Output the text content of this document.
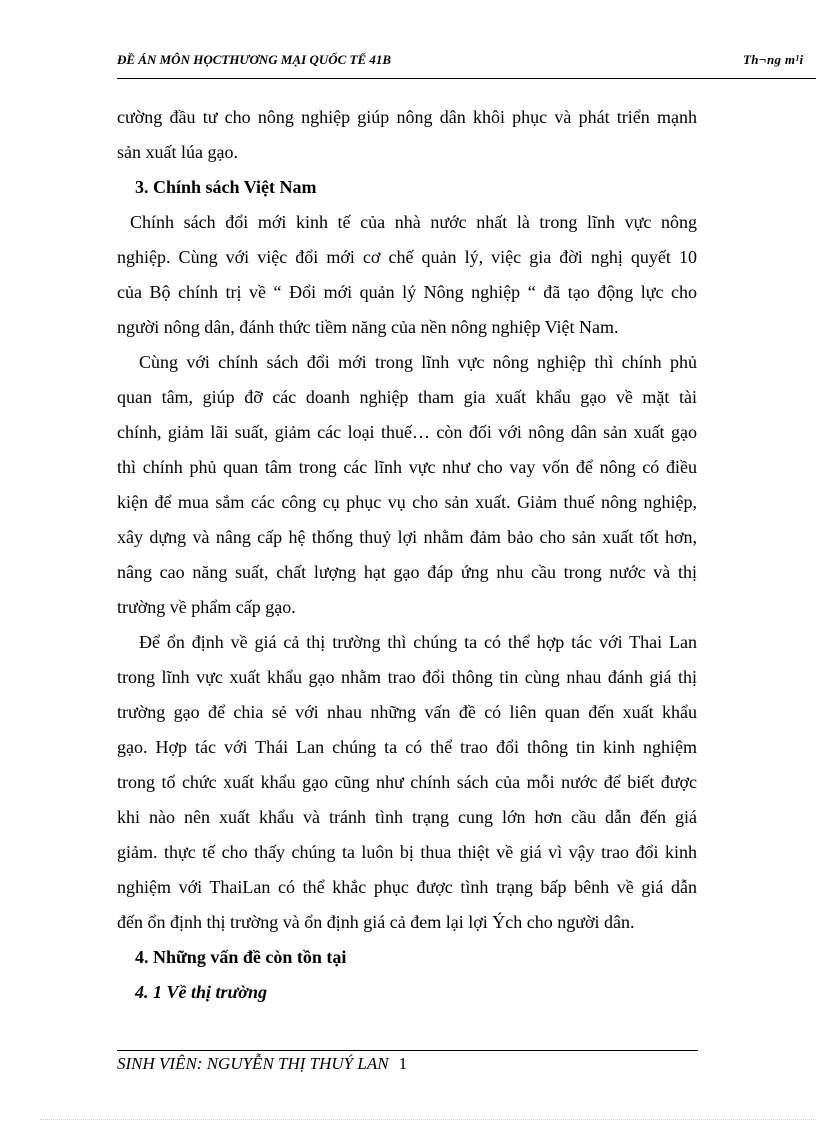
ĐỀ ÁN MÔN HỌCTHƯƠNG MẠI QUỐC TẾ 41B	Th¬ng m¹i
cường đầu tư cho nông nghiệp giúp nông dân khôi phục và phát triển mạnh
sản xuất lúa gạo.
3. Chính sách Việt Nam
Chính sách đổi mới kinh tế của nhà nước nhất là trong lĩnh vực nông
nghiệp. Cùng với việc đổi mới cơ chế quản lý, việc gia đời nghị quyết 10
của Bộ chính trị về “ Đổi mới quản lý Nông nghiệp “ đã tạo động lực cho
người nông dân, đánh thức tiềm năng của nền nông nghiệp Việt Nam.
Cùng với chính sách đổi mới trong lĩnh vực nông nghiệp thì chính phủ
quan tâm, giúp đỡ các doanh nghiệp tham gia xuất khẩu gạo về mặt tài
chính, giảm lãi suất, giảm các loại thuế… còn đối với nông dân sản xuất gạo
thì chính phủ quan tâm trong các lĩnh vực như cho vay vốn để nông có điều
kiện để mua sắm các công cụ phục vụ cho sản xuất. Giảm thuế nông nghiệp,
xây dựng và nâng cấp hệ thống thuỷ lợi nhằm đảm bảo cho sản xuất tốt hơn,
nâng cao năng suất, chất lượng hạt gạo đáp ứng nhu cầu trong nước và thị
trường về phẩm cấp gạo.
Để ổn định về giá cả thị trường thì chúng ta có thể hợp tác với Thai Lan
trong lĩnh vực xuất khẩu gạo nhằm trao đổi thông tin cùng nhau đánh giá thị
trường gạo để chia sẻ với nhau những vấn đề có liên quan đến xuất khẩu
gạo. Hợp tác với Thái Lan chúng ta có thể trao đổi thông tin kinh nghiệm
trong tổ chức xuất khẩu gạo cũng như chính sách của mỗi nước để biết được
khi nào nên xuất khẩu và tránh tình trạng cung lớn hơn cầu dẫn đến giá
giảm. thực tế cho thấy chúng ta luôn bị thua thiệt về giá vì vậy trao đổi kinh
nghiệm với ThaiLan có thể khắc phục được tình trạng bấp bênh về giá dẫn
đến ổn định thị trường và ổn định giá cả đem lại lợi Ých cho người dân.
4. Những vấn đề còn tồn tại
4. 1 Về thị trường
SINH VIÊN: NGUYỄN THỊ THUÝ LAN 1
